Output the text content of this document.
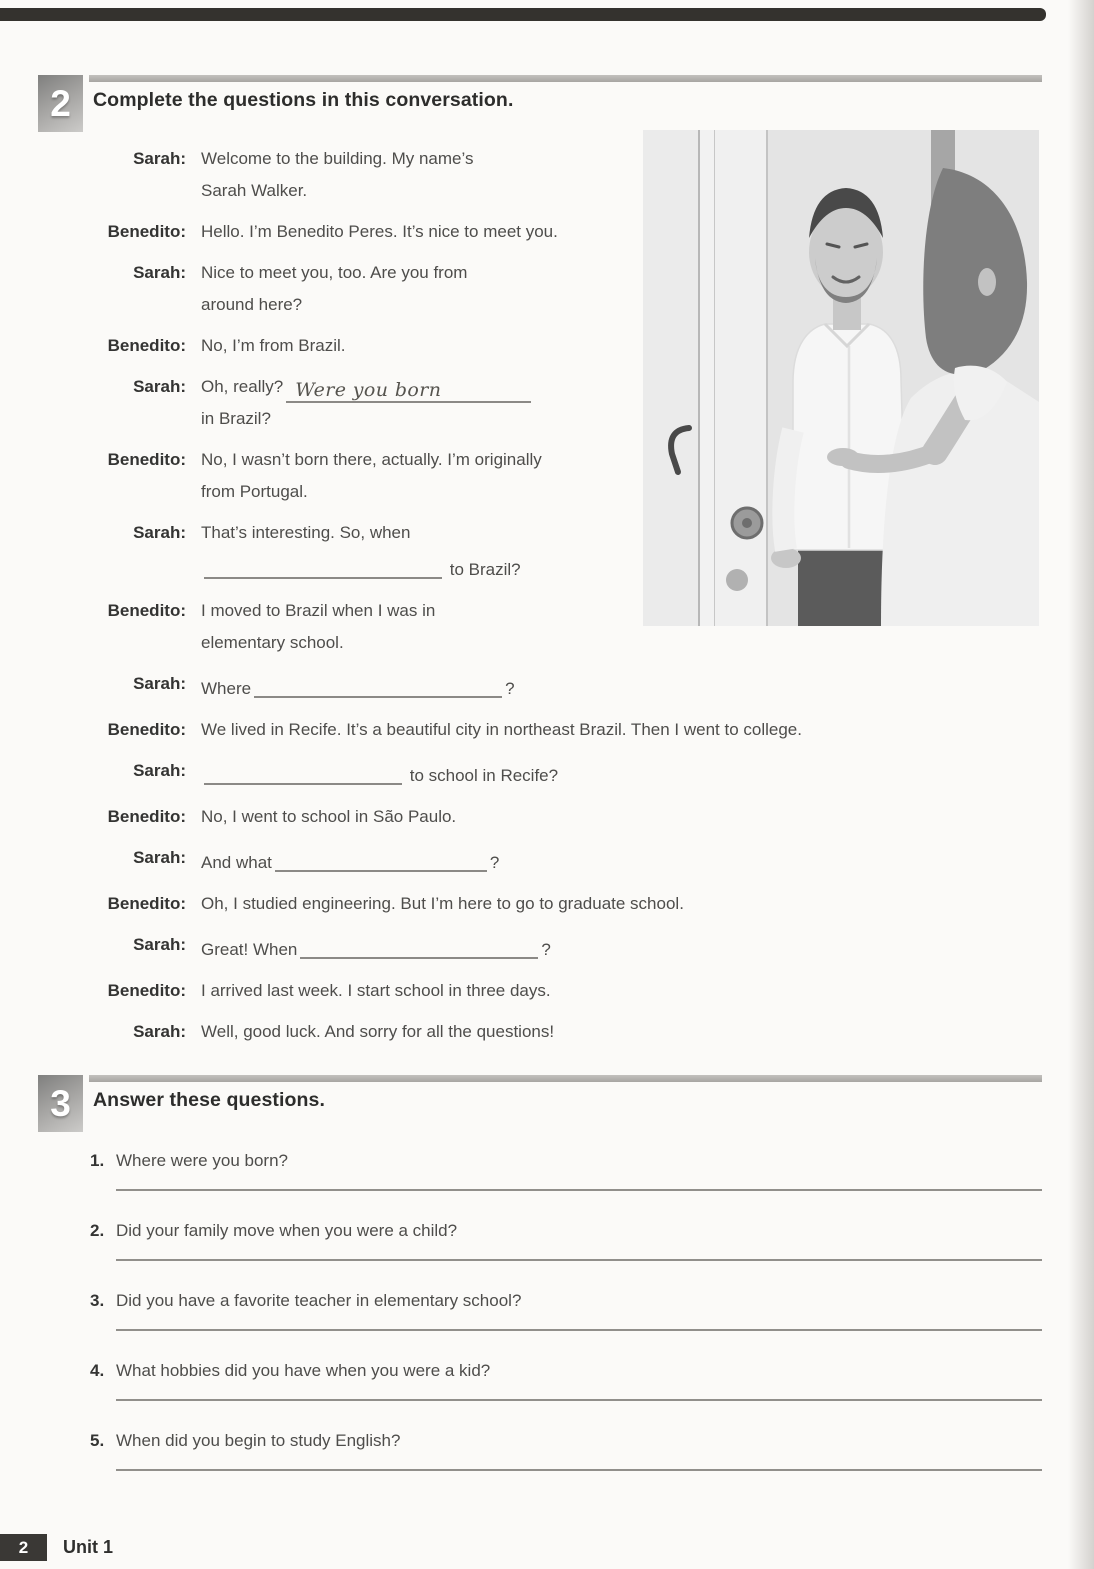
2	Complete the questions in this conversation.
Sarah: Welcome to the building. My name’s
Sarah Walker.
Benedito: Hello. I’m Benedito Peres. It’s nice to meet you.
Sarah: Nice to meet you, too. Are you from
around here?
Benedito: No, I’m from Brazil.
Sarah: Oh, really? Were you born
in Brazil?
Benedito: No, I wasn’t born there, actually. I’m originally
from Portugal.
Sarah: That’s interesting. So, when
to Brazil?
Benedito: I moved to Brazil when I was in
elementary school.
Sarah: Where	?
Benedito: We lived in Recife. It’s a beautiful city in northeast Brazil. Then I went to college.
Sarah:	to school in Recife?
Benedito: No, I went to school in São Paulo.
Sarah: And what	?
Benedito: Oh, I studied engineering. But I’m here to go to graduate school.
Sarah: Great! When	?
Benedito: I arrived last week. I start school in three days.
Sarah: Well, good luck. And sorry for all the questions!
3	Answer these questions.
1. Where were you born?
2. Did your family move when you were a child?
3. Did you have a favorite teacher in elementary school?
4. What hobbies did you have when you were a kid?
5. When did you begin to study English?
2	Unit 1
